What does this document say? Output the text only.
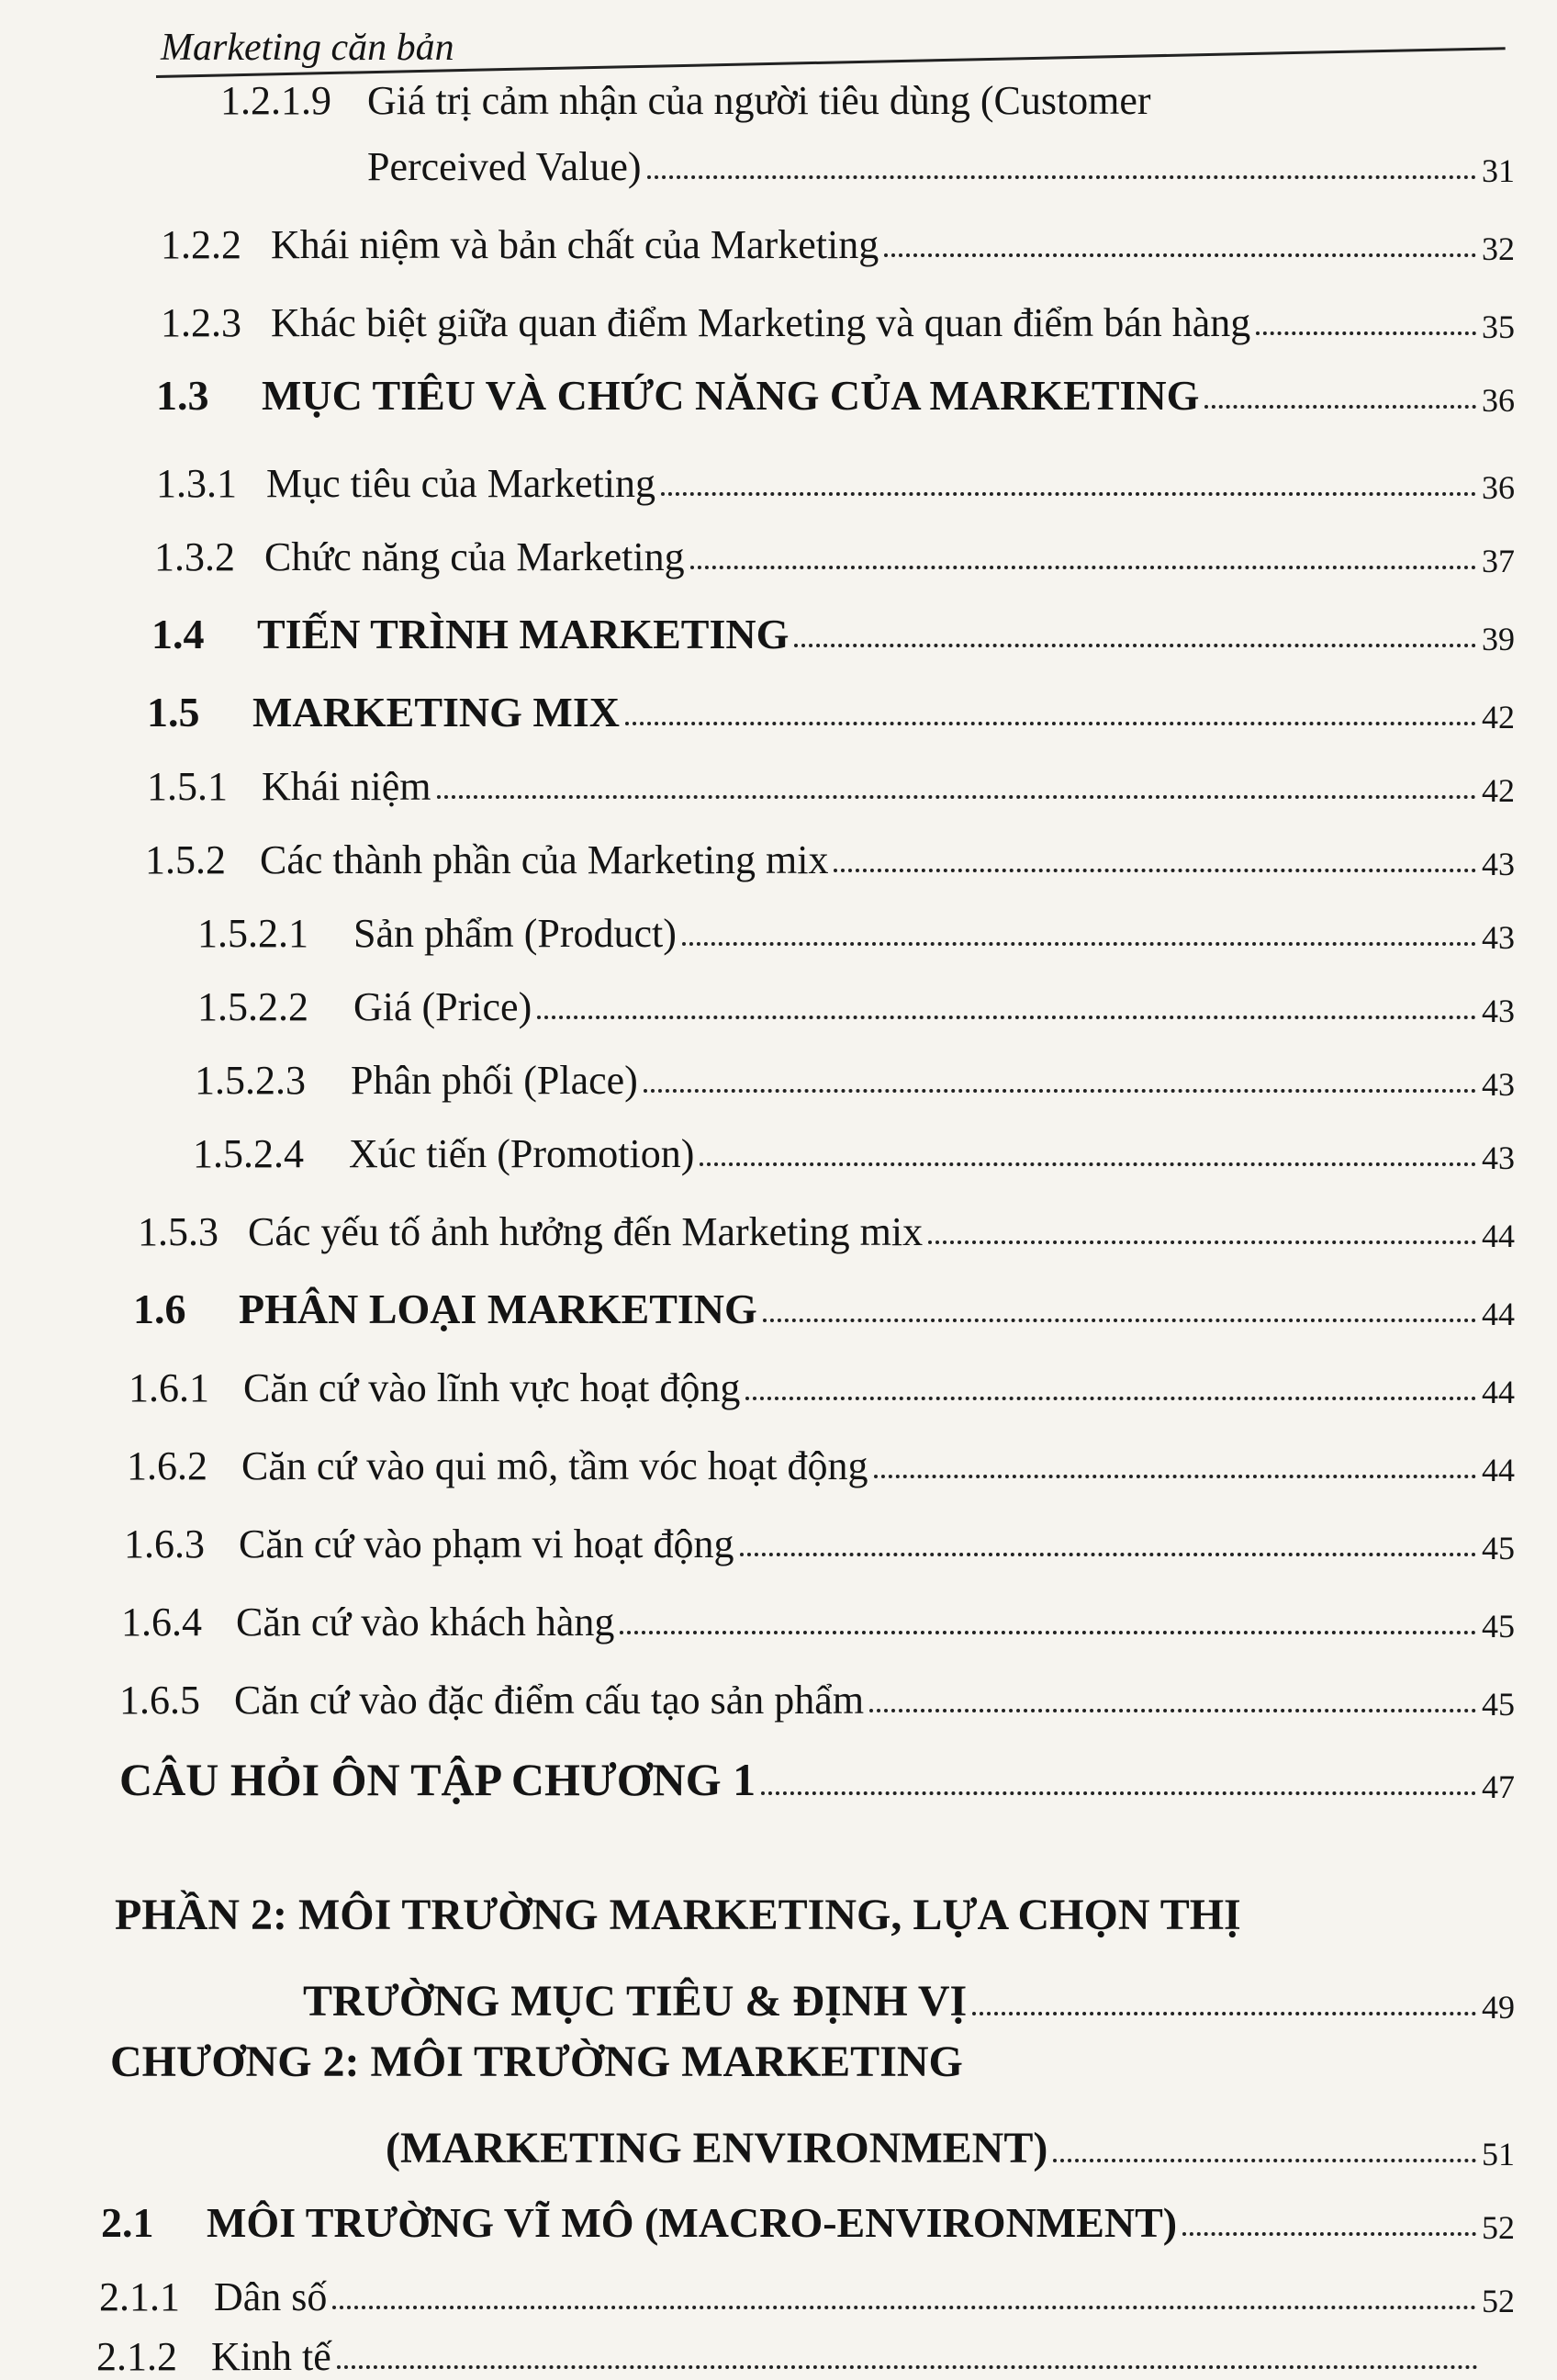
Marketing căn bản
1.2.1.9 Giá trị cảm nhận của người tiêu dùng (Customer
Perceived Value)	31
1.2.2 Khái niệm và bản chất của Marketing	32
1.2.3 Khác biệt giữa quan điểm Marketing và quan điểm bán hàng	35
1.3	MỤC TIÊU VÀ CHỨC NĂNG CỦA MARKETING	36
1.3.1 Mục tiêu của Marketing	36
1.3.2 Chức năng của Marketing	37
1.4	TIẾN TRÌNH MARKETING	39
1.5	MARKETING MIX	42
1.5.1 Khái niệm	42
1.5.2 Các thành phần của Marketing mix	43
1.5.2.1	Sản phẩm (Product)	43
1.5.2.2	Giá (Price)	43
1.5.2.3	Phân phối (Place)	43
1.5.2.4	Xúc tiến (Promotion)	43
1.5.3 Các yếu tố ảnh hưởng đến Marketing mix	44
1.6	PHÂN LOẠI MARKETING	44
1.6.1 Căn cứ vào lĩnh vực hoạt động	44
1.6.2 Căn cứ vào qui mô, tầm vóc hoạt động	44
1.6.3 Căn cứ vào phạm vi hoạt động	45
1.6.4 Căn cứ vào khách hàng	45
1.6.5 Căn cứ vào đặc điểm cấu tạo sản phẩm	45
CÂU HỎI ÔN TẬP CHƯƠNG 1	47
PHẦN 2: MÔI TRƯỜNG MARKETING, LỰA CHỌN THỊ
TRƯỜNG MỤC TIÊU & ĐỊNH VỊ	49
CHƯƠNG 2: MÔI TRƯỜNG MARKETING
(MARKETING ENVIRONMENT)	51
2.1	MÔI TRƯỜNG VĨ MÔ (MACRO-ENVIRONMENT)	52
2.1.1 Dân số	52
2.1.2 Kinh tế
